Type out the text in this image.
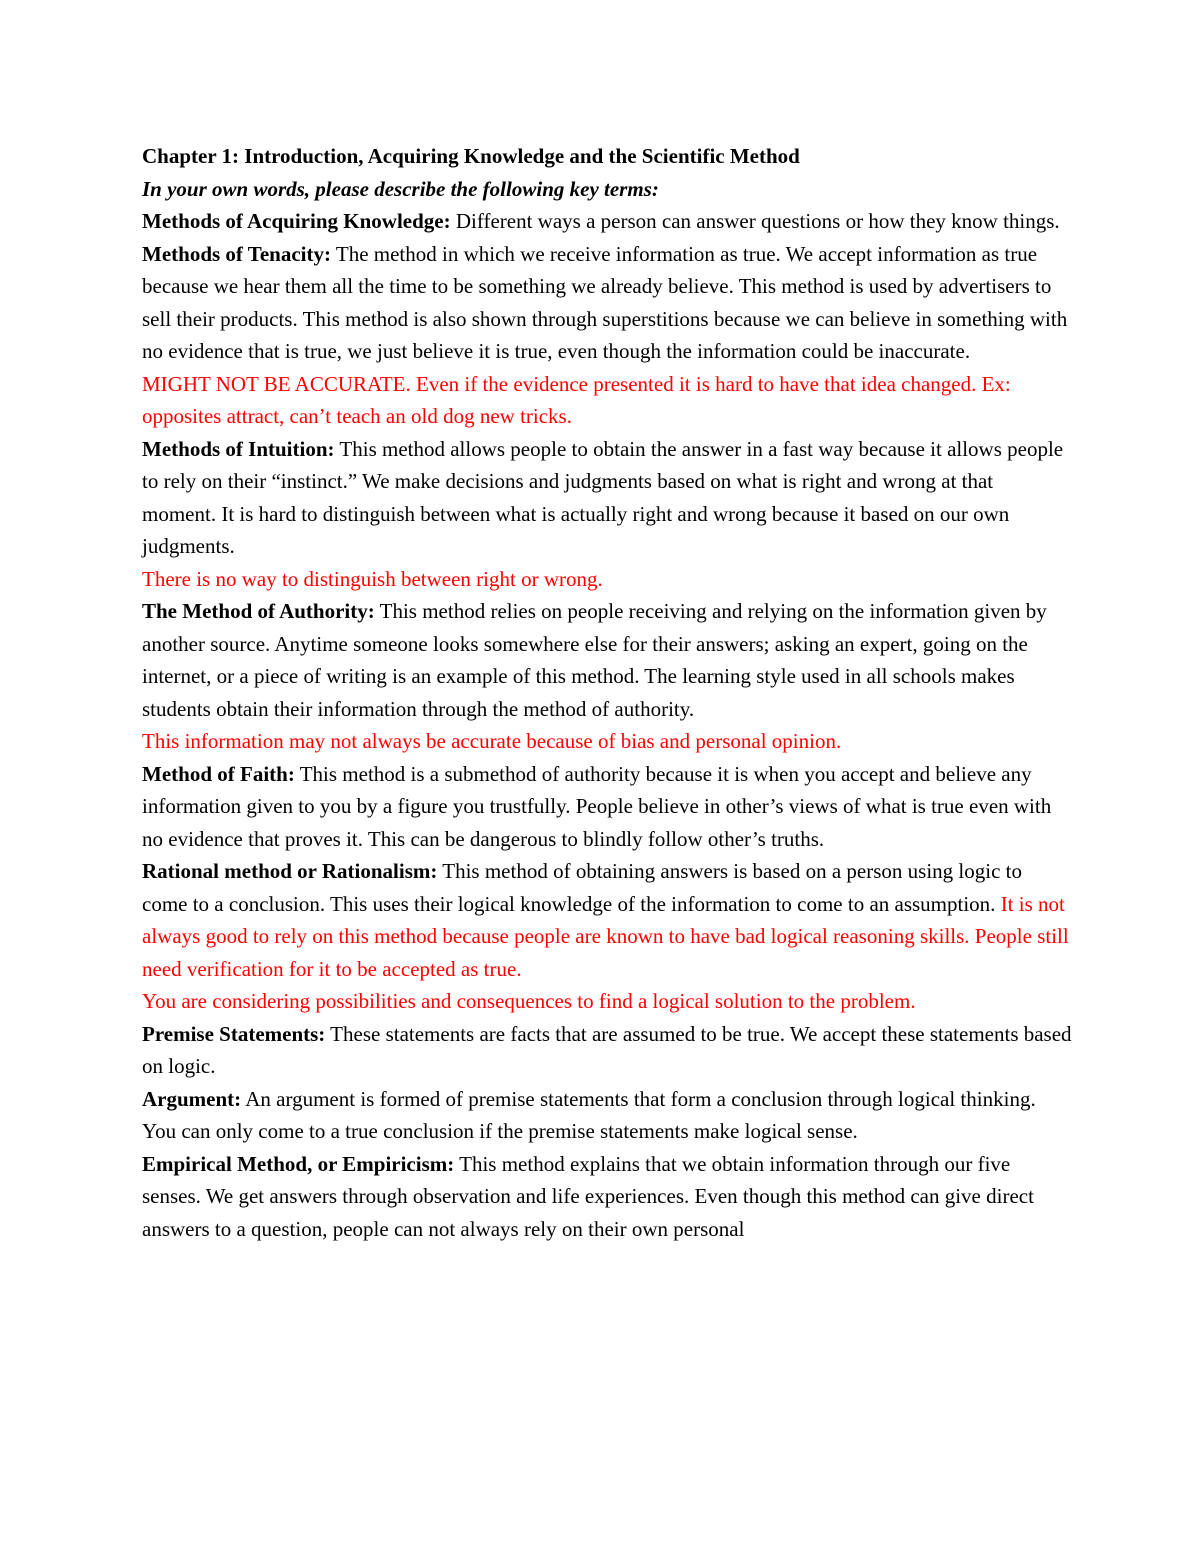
Chapter 1: Introduction, Acquiring Knowledge and the Scientific Method

In your own words, please describe the following key terms:

Methods of Acquiring Knowledge: Different ways a person can answer questions or how they know things.

Methods of Tenacity: The method in which we receive information as true. We accept information as true because we hear them all the time to be something we already believe. This method is used by advertisers to sell their products. This method is also shown through superstitions because we can believe in something with no evidence that is true, we just believe it is true, even though the information could be inaccurate.

MIGHT NOT BE ACCURATE. Even if the evidence presented it is hard to have that idea changed. Ex: opposites attract, can’t teach an old dog new tricks.

Methods of Intuition: This method allows people to obtain the answer in a fast way because it allows people to rely on their “instinct.” We make decisions and judgments based on what is right and wrong at that moment. It is hard to distinguish between what is actually right and wrong because it based on our own judgments.

There is no way to distinguish between right or wrong.

The Method of Authority: This method relies on people receiving and relying on the information given by another source. Anytime someone looks somewhere else for their answers; asking an expert, going on the internet, or a piece of writing is an example of this method. The learning style used in all schools makes students obtain their information through the method of authority.

This information may not always be accurate because of bias and personal opinion.

Method of Faith: This method is a submethod of authority because it is when you accept and believe any information given to you by a figure you trustfully. People believe in other’s views of what is true even with no evidence that proves it. This can be dangerous to blindly follow other’s truths.

Rational method or Rationalism: This method of obtaining answers is based on a person using logic to come to a conclusion. This uses their logical knowledge of the information to come to an assumption. It is not always good to rely on this method because people are known to have bad logical reasoning skills. People still need verification for it to be accepted as true.

You are considering possibilities and consequences to find a logical solution to the problem.

Premise Statements: These statements are facts that are assumed to be true. We accept these statements based on logic.

Argument: An argument is formed of premise statements that form a conclusion through logical thinking. You can only come to a true conclusion if the premise statements make logical sense.

Empirical Method, or Empiricism: This method explains that we obtain information through our five senses. We get answers through observation and life experiences. Even though this method can give direct answers to a question, people can not always rely on their own personal
